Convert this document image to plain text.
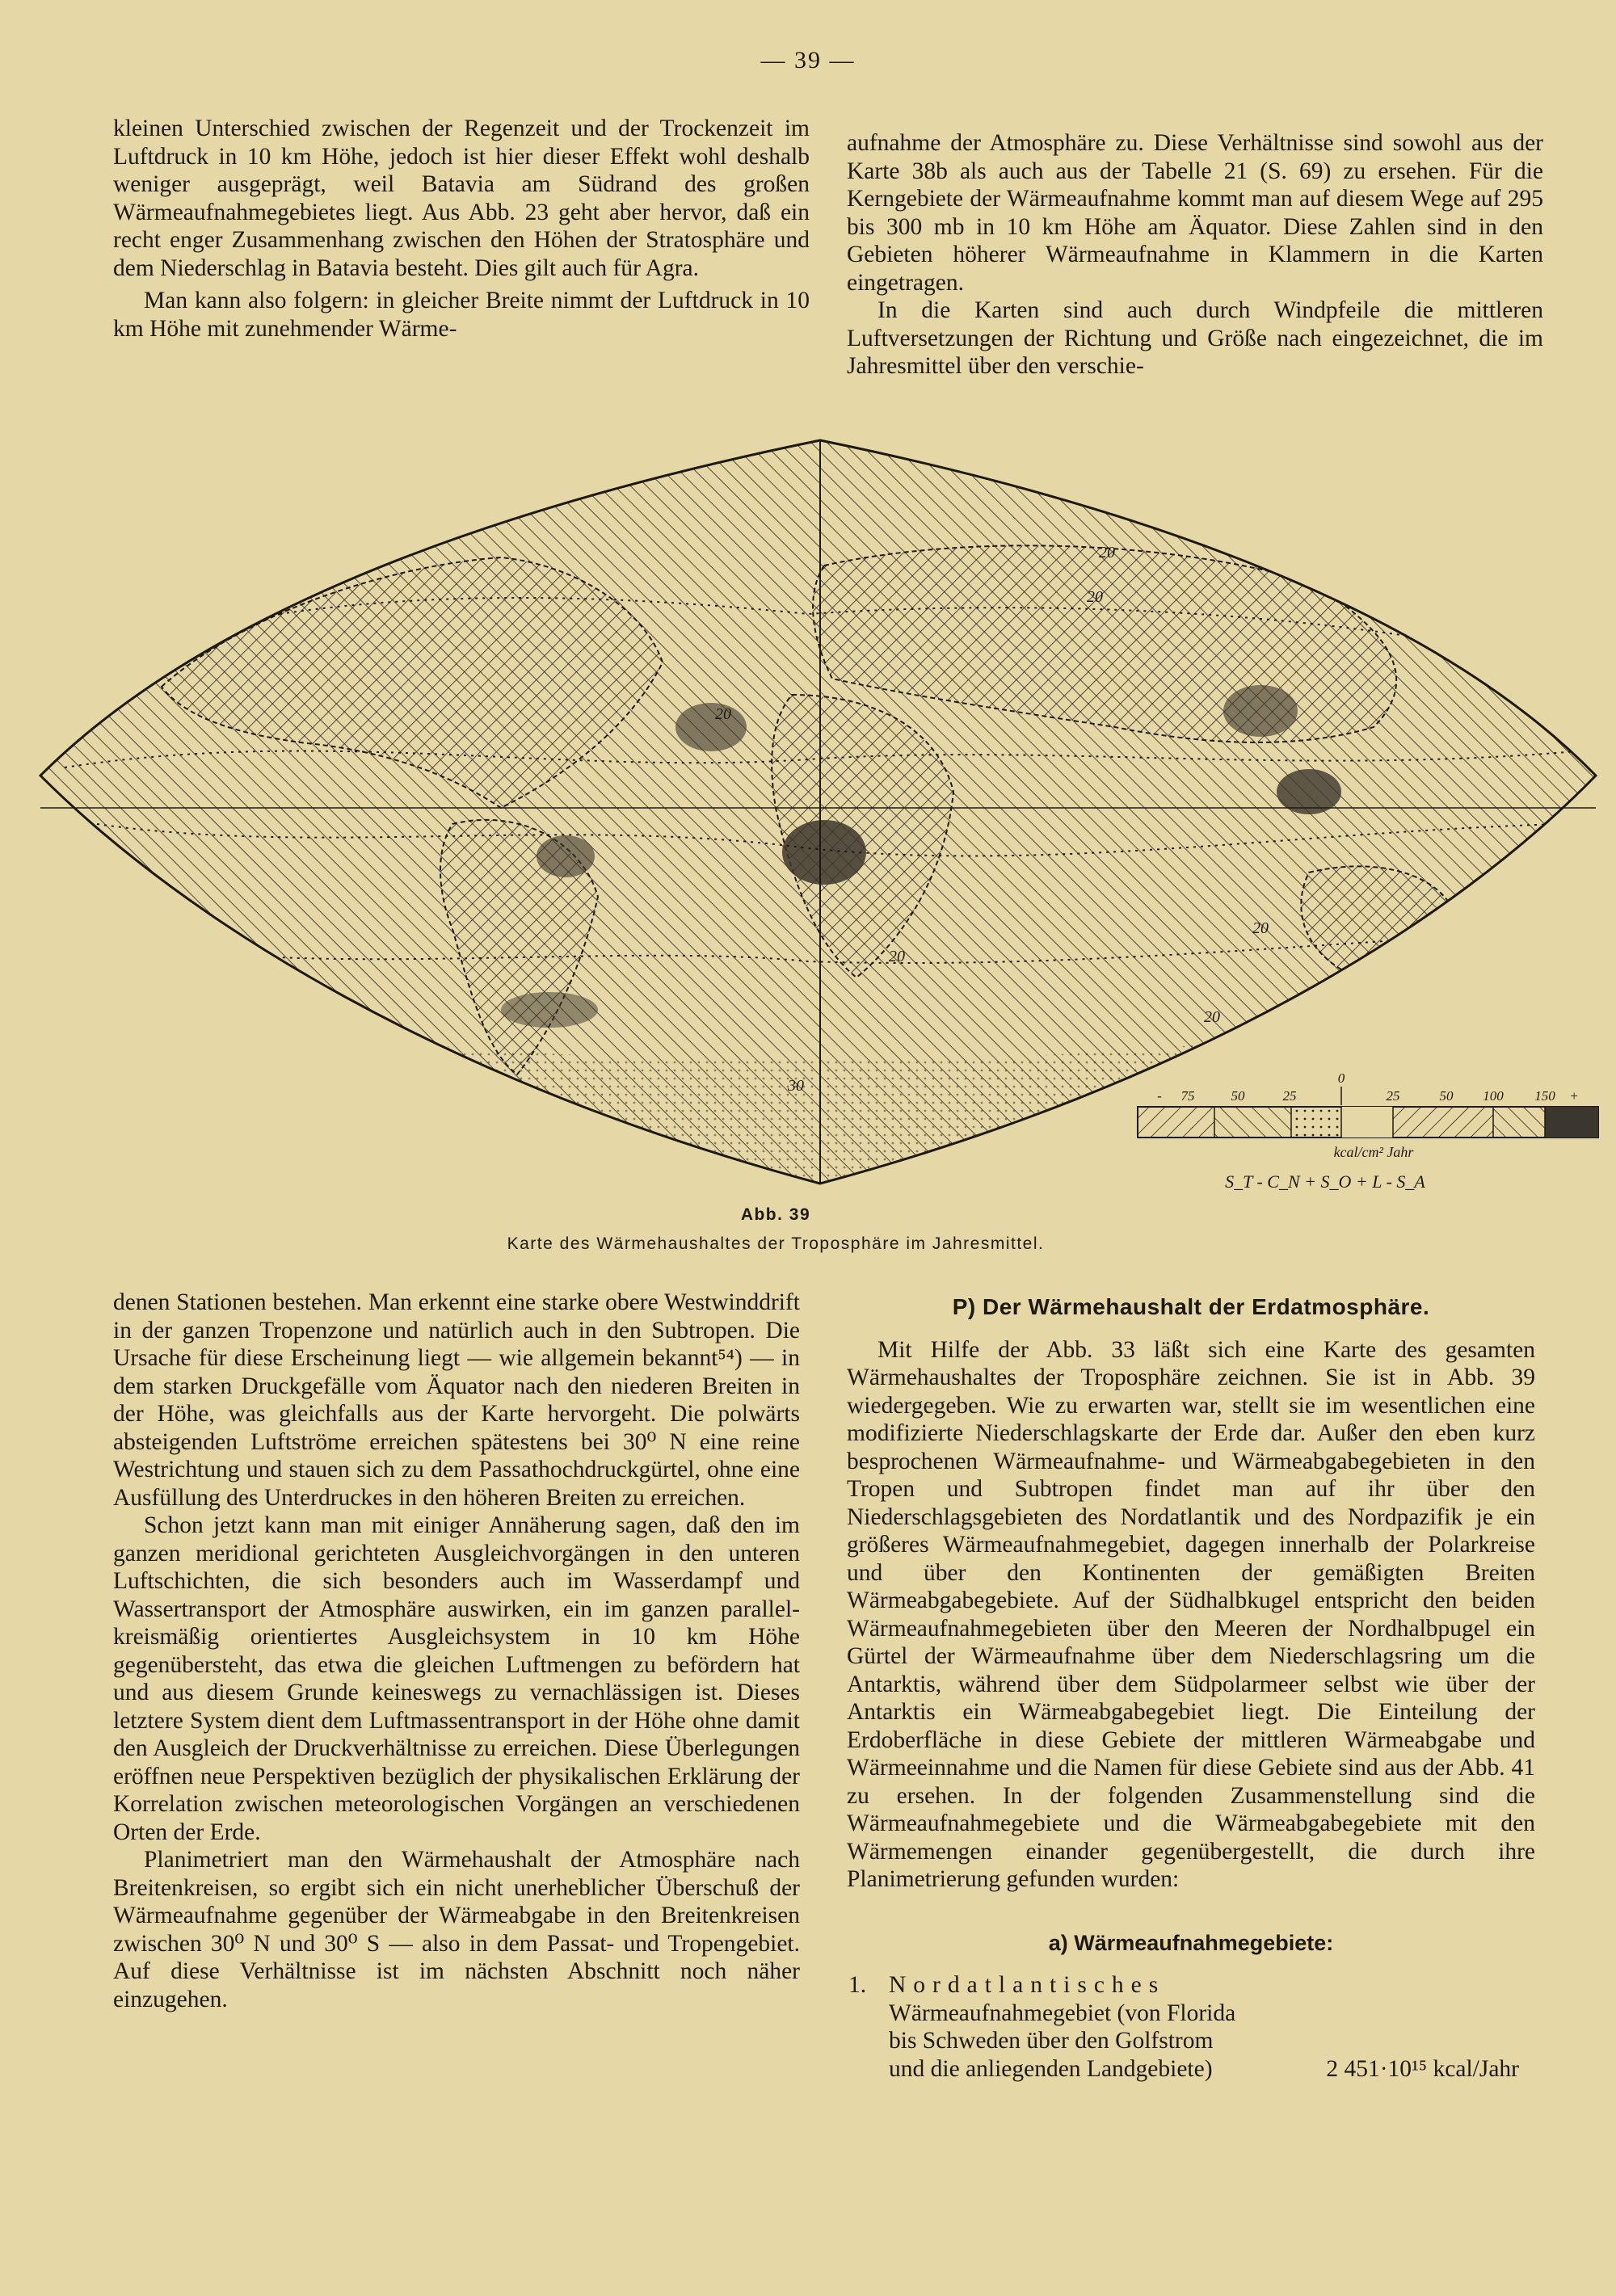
— 39 —

kleinen Unterschied zwischen der Regenzeit und der Trockenzeit im Luftdruck in 10 km Höhe, jedoch ist hier dieser Effekt wohl deshalb weniger ausgeprägt, weil Batavia am Südrand des großen Wärmeaufnahmegebietes liegt. Aus Abb. 23 geht aber hervor, daß ein recht enger Zusammenhang zwischen den Höhen der Stratosphäre und dem Niederschlag in Batavia besteht. Dies gilt auch für Agra.

Man kann also folgern: in gleicher Breite nimmt der Luftdruck in 10 km Höhe mit zunehmender Wärme-

aufnahme der Atmosphäre zu. Diese Verhältnisse sind sowohl aus der Karte 38b als auch aus der Tabelle 21 (S. 69) zu ersehen. Für die Kerngebiete der Wärmeaufnahme kommt man auf diesem Wege auf 295 bis 300 mb in 10 km Höhe am Äquator. Diese Zahlen sind in den Gebieten höherer Wärmeaufnahme in Klammern in die Karten eingetragen.

In die Karten sind auch durch Windpfeile die mittleren Luftversetzungen der Richtung und Größe nach eingezeichnet, die im Jahresmittel über den verschie-

20
20
20
20
20
20
30
- 75	50	25
0
25	50 100 150 +
kcal/cm² Jahr
S_T - C_N + S_O + L - S_A
Abb. 39
Karte des Wärmehaushaltes der Troposphäre im Jahresmittel.

denen Stationen bestehen. Man erkennt eine starke obere Westwinddrift in der ganzen Tropenzone und natürlich auch in den Subtropen. Die Ursache für diese Erscheinung liegt — wie allgemein bekannt⁵⁴) — in dem starken Druckgefälle vom Äquator nach den niederen Breiten in der Höhe, was gleichfalls aus der Karte hervorgeht. Die polwärts absteigenden Luftströme erreichen spätestens bei 30⁰ N eine reine Westrichtung und stauen sich zu dem Passathochdruckgürtel, ohne eine Ausfüllung des Unterdruckes in den höheren Breiten zu erreichen.

Schon jetzt kann man mit einiger Annäherung sagen, daß den im ganzen meridional gerichteten Ausgleichvorgängen in den unteren Luftschichten, die sich besonders auch im Wasserdampf und Wassertransport der Atmosphäre auswirken, ein im ganzen parallel-kreismäßig orientiertes Ausgleichsystem in 10 km Höhe gegenübersteht, das etwa die gleichen Luftmengen zu befördern hat und aus diesem Grunde keineswegs zu vernachlässigen ist. Dieses letztere System dient dem Luftmassentransport in der Höhe ohne damit den Ausgleich der Druckverhältnisse zu erreichen. Diese Überlegungen eröffnen neue Perspektiven bezüglich der physikalischen Erklärung der Korrelation zwischen meteorologischen Vorgängen an verschiedenen Orten der Erde.

Planimetriert man den Wärmehaushalt der Atmosphäre nach Breitenkreisen, so ergibt sich ein nicht unerheblicher Überschuß der Wärmeaufnahme gegenüber der Wärmeabgabe in den Breitenkreisen zwischen 30⁰ N und 30⁰ S — also in dem Passat- und Tropengebiet. Auf diese Verhältnisse ist im nächsten Abschnitt noch näher einzugehen.

P) Der Wärmehaushalt der Erdatmosphäre.

Mit Hilfe der Abb. 33 läßt sich eine Karte des gesamten Wärmehaushaltes der Troposphäre zeichnen. Sie ist in Abb. 39 wiedergegeben. Wie zu erwarten war, stellt sie im wesentlichen eine modifizierte Niederschlagskarte der Erde dar. Außer den eben kurz besprochenen Wärmeaufnahme- und Wärmeabgabegebieten in den Tropen und Subtropen findet man auf ihr über den Niederschlagsgebieten des Nordatlantik und des Nordpazifik je ein größeres Wärmeaufnahmegebiet, dagegen innerhalb der Polarkreise und über den Kontinenten der gemäßigten Breiten Wärmeabgabegebiete. Auf der Südhalbkugel entspricht den beiden Wärmeaufnahmegebieten über den Meeren der Nordhalbpugel ein Gürtel der Wärmeaufnahme über dem Niederschlagsring um die Antarktis, während über dem Südpolarmeer selbst wie über der Antarktis ein Wärmeabgabegebiet liegt. Die Einteilung der Erdoberfläche in diese Gebiete der mittleren Wärmeabgabe und Wärmeeinnahme und die Namen für diese Gebiete sind aus der Abb. 41 zu ersehen. In der folgenden Zusammenstellung sind die Wärmeaufnahmegebiete und die Wärmeabgabegebiete mit den Wärmemengen einander gegenübergestellt, die durch ihre Planimetrierung gefunden wurden:

a) Wärmeaufnahmegebiete:
1. Nordatlantisches
Wärmeaufnahmegebiet (von Florida bis Schweden über den Golfstrom und die anliegenden Landgebiete)	2 451·10¹⁵ kcal/Jahr
